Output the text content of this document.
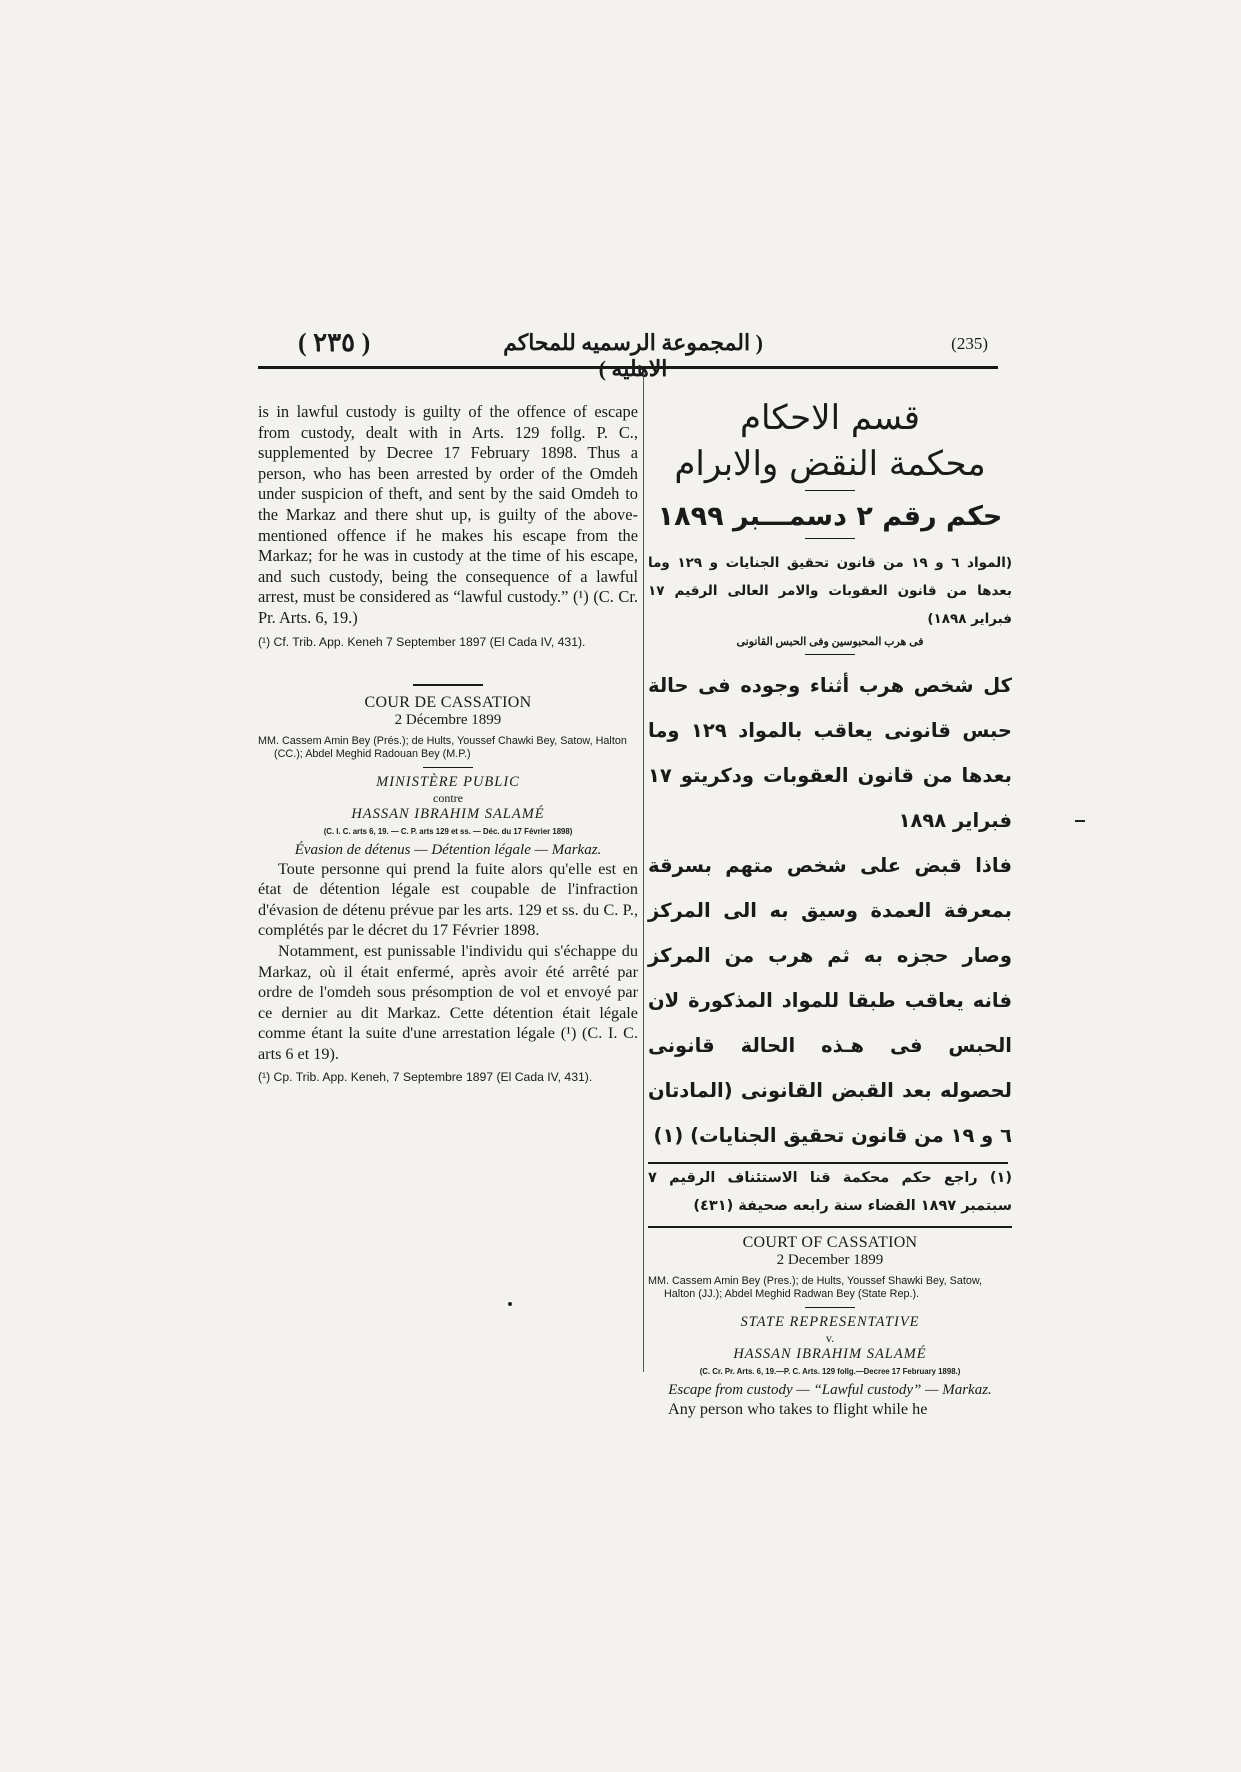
( ٢٣٥ )	( المجموعة الرسميه للمحاكم	(235)

is in lawful custody is guilty of the offence of escape from custody, dealt with in Arts. 129 follg. P. C., supplemented by Decree 17 February 1898. Thus a person, who has been arrested by order of the Omdeh under suspicion of theft, and sent by the said Omdeh to the Markaz and there shut up, is guilty of the above-mentioned offence if he makes his escape from the Markaz; for he was in custody at the time of his escape, and such custody, being the consequence of a lawful arrest, must be considered as “lawful custody.” (¹) (C. Cr. Pr. Arts. 6, 19.)

(¹) Cf. Trib. App. Keneh 7 September 1897 (El Cada IV, 431).

COUR DE CASSATION
2 Décembre 1899

MM. Cassem Amin Bey (Prés.); de Hults, Youssef Chawki Bey, Satow, Halton (CC.); Abdel Meghid Radouan Bey (M.P.)

MINISTÈRE PUBLIC
contre
HASSAN IBRAHIM SALAMÉ
(C. I. C. arts 6, 19. — C. P. arts 129 et ss. — Déc. du 17 Février 1898)
Évasion de détenus — Détention légale — Markaz.

Toute personne qui prend la fuite alors qu'elle est en état de détention légale est coupable de l'infraction d'évasion de détenu prévue par les arts. 129 et ss. du C. P., complétés par le décret du 17 Février 1898.

Notamment, est punissable l'individu qui s'échappe du Markaz, où il était enfermé, après avoir été arrêté par ordre de l'omdeh sous présomption de vol et envoyé par ce dernier au dit Markaz. Cette détention était légale comme étant la suite d'une arrestation légale (¹) (C. I. C. arts 6 et 19).

(¹) Cp. Trib. App. Keneh, 7 Septembre 1897 (El Cada IV, 431).

قسم الاحكام
محكمة النقض والابرام
حكم رقم ٢ دسمـــبر ١٨٩٩

(المواد ٦ و ١٩ من قانون تحقيق الجنايات و ١٢٩ وما بعدها من قانون العقوبات والامر العالى الرقيم ١٧ فبراير ١٨٩٨)

فى هرب المحبوسين وفى الحبس القانونى

كل شخص هرب أثناء وجوده فى حالة حبس قانونى يعاقب بالمواد ١٢٩ وما بعدها من قانون العقوبات ودكريتو ١٧ فبراير ١٨٩٨

فاذا قبض على شخص متهم بسرقة بمعرفة العمدة وسيق به الى المركز وصار حجزه به ثم هرب من المركز فانه يعاقب طبقا للمواد المذكورة لان الحبس فى هـذه الحالة قانونى لحصوله بعد القبض القانونى (المادتان ٦ و ١٩ من قانون تحقيق الجنايات) (١)

(١) راجع حكم محكمة قنا الاستئناف الرقيم ٧ سبتمبر ١٨٩٧ القضاء سنة رابعه صحيفة (٤٣١)

COURT OF CASSATION
2 December 1899

MM. Cassem Amin Bey (Pres.); de Hults, Youssef Shawki Bey, Satow, Halton (JJ.); Abdel Meghid Radwan Bey (State Rep.).

STATE REPRESENTATIVE
v.
HASSAN IBRAHIM SALAMÉ
(C. Cr. Pr. Arts. 6, 19.—P. C. Arts. 129 follg.—Decree 17 February 1898.)
Escape from custody — “Lawful custody” — Markaz.

Any person who takes to flight while he
